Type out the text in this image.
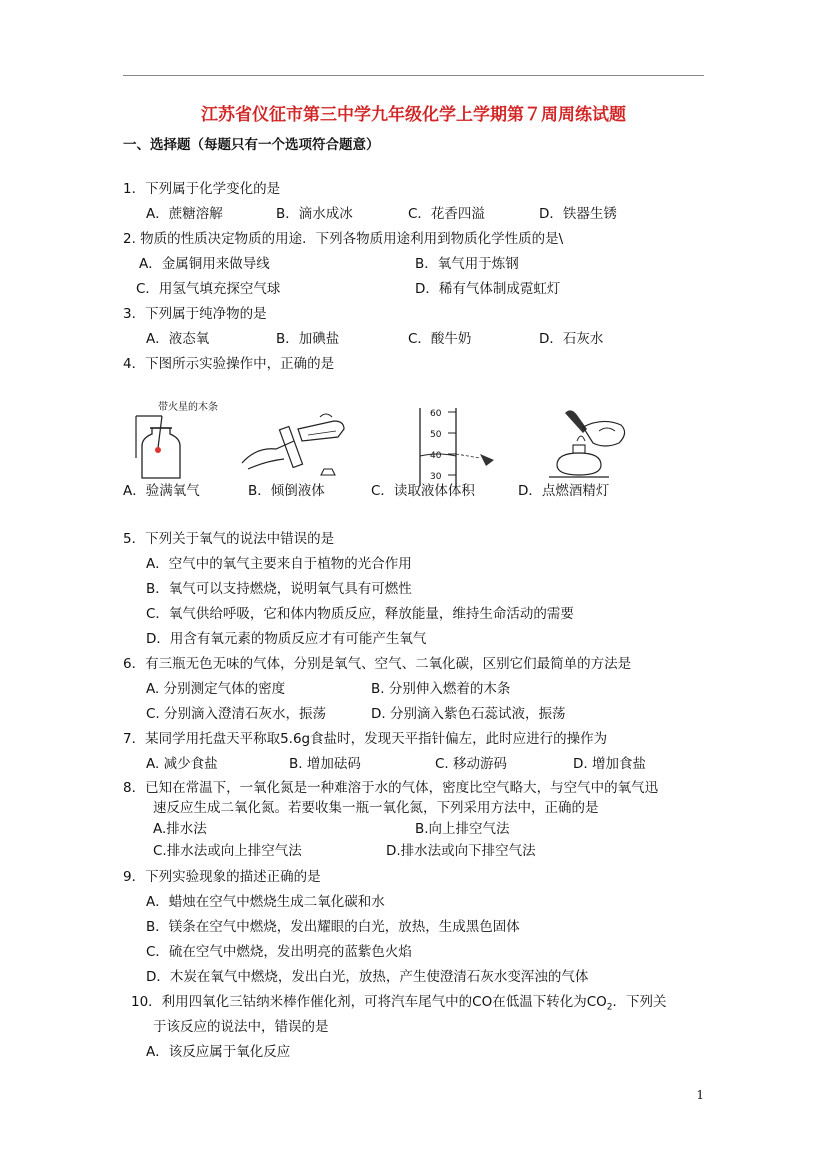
江苏省仪征市第三中学九年级化学上学期第７周周练试题
一、选择题（每题只有一个选项符合题意）
1．下列属于化学变化的是
A．蔗糖溶解	B．滴水成冰	C．花香四溢	D．铁器生锈
2. 物质的性质决定物质的用途．下列各物质用途利用到物质化学性质的是\
A．金属铜用来做导线	B．氧气用于炼钢
C．用氢气填充探空气球	D．稀有气体制成霓虹灯
3．下列属于纯净物的是
A．液态氧	B．加碘盐	C．酸牛奶	D．石灰水
4．下图所示实验操作中，正确的是
带火星的木条
60
50
40
30
A．验满氧气	B．倾倒液体	C．读取液体体积	D．点燃酒精灯
5．下列关于氧气的说法中错误的是
A．空气中的氧气主要来自于植物的光合作用
B．氧气可以支持燃烧，说明氧气具有可燃性
C．氧气供给呼吸，它和体内物质反应，释放能量，维持生命活动的需要
D．用含有氧元素的物质反应才有可能产生氧气
6．有三瓶无色无味的气体，分别是氧气、空气、二氧化碳，区别它们最简单的方法是
A. 分别测定气体的密度	B. 分别伸入燃着的木条
C. 分别滴入澄清石灰水，振荡	D. 分别滴入紫色石蕊试液，振荡
7．某同学用托盘天平称取5.6g食盐时，发现天平指针偏左，此时应进行的操作为
A. 减少食盐	B. 增加砝码	C. 移动游码	D. 增加食盐
8．已知在常温下，一氧化氮是一种难溶于水的气体，密度比空气略大，与空气中的氧气迅
速反应生成二氧化氮。若要收集一瓶一氧化氮，下列采用方法中，正确的是
A.排水法	B.向上排空气法
C.排水法或向上排空气法	D.排水法或向下排空气法
9．下列实验现象的描述正确的是
A．蜡烛在空气中燃烧生成二氧化碳和水
B．镁条在空气中燃烧，发出耀眼的白光，放热，生成黑色固体
C．硫在空气中燃烧，发出明亮的蓝紫色火焰
D．木炭在氧气中燃烧，发出白光，放热，产生使澄清石灰水变浑浊的气体
10．利用四氧化三钴纳米棒作催化剂，可将汽车尾气中的CO在低温下转化为$CO_2$．下列关
于该反应的说法中，错误的是
A．该反应属于氧化反应
1
